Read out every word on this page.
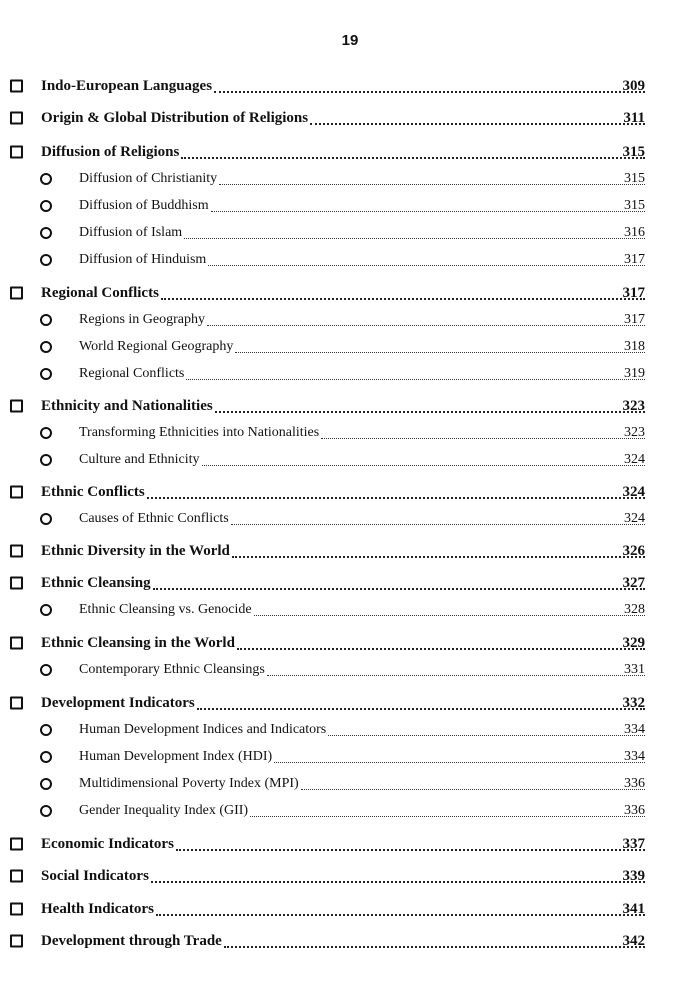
19
Indo-European Languages	309
Origin & Global Distribution of Religions	311
Diffusion of Religions	315
Diffusion of Christianity	315
Diffusion of Buddhism	315
Diffusion of Islam	316
Diffusion of Hinduism	317
Regional Conflicts	317
Regions in Geography	317
World Regional Geography	318
Regional Conflicts	319
Ethnicity and Nationalities	323
Transforming Ethnicities into Nationalities	323
Culture and Ethnicity	324
Ethnic Conflicts	324
Causes of Ethnic Conflicts	324
Ethnic Diversity in the World	326
Ethnic Cleansing	327
Ethnic Cleansing vs. Genocide	328
Ethnic Cleansing in the World	329
Contemporary Ethnic Cleansings	331
Development Indicators	332
Human Development Indices and Indicators	334
Human Development Index (HDI)	334
Multidimensional Poverty Index (MPI)	336
Gender Inequality Index (GII)	336
Economic Indicators	337
Social Indicators	339
Health Indicators	341
Development through Trade	342
